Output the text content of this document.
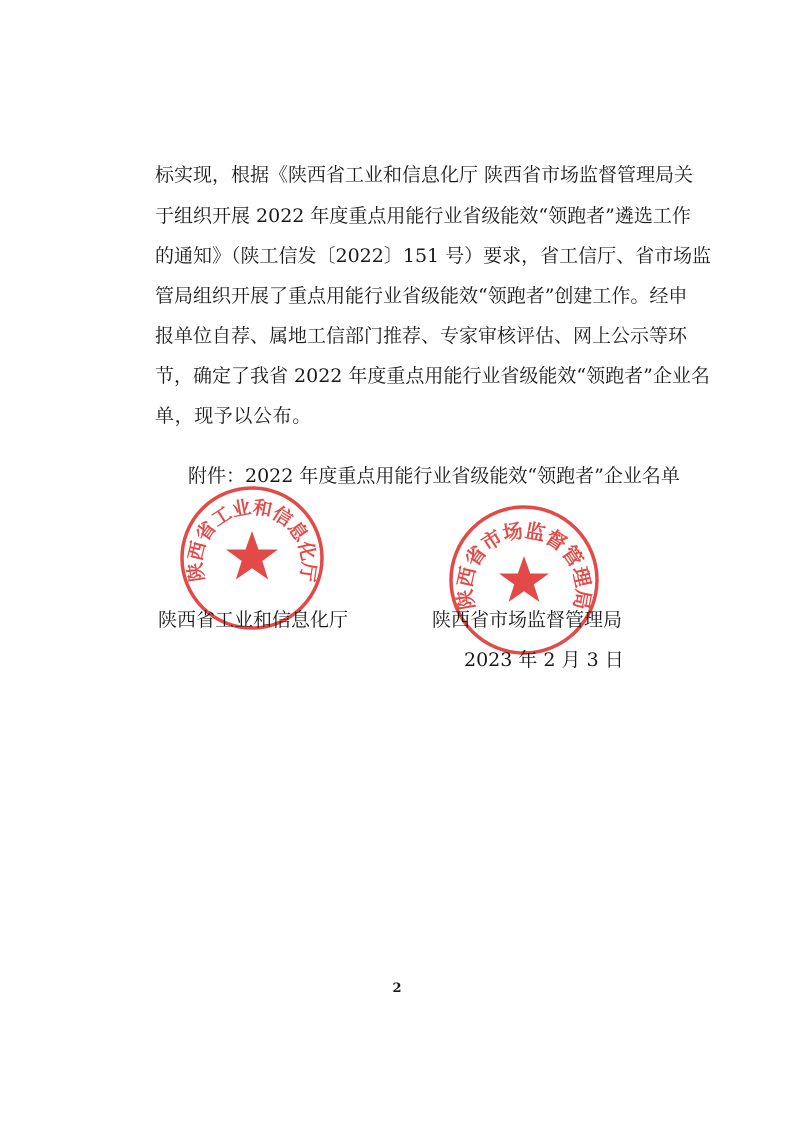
标实现，根据《陕西省工业和信息化厅 陕西省市场监督管理局关
于组织开展 2022 年度重点用能行业省级能效“领跑者”遴选工作
的通知》（陕工信发〔2022〕151 号）要求，省工信厅、省市场监
管局组织开展了重点用能行业省级能效“领跑者”创建工作。经申
报单位自荐、属地工信部门推荐、专家审核评估、网上公示等环
节，确定了我省 2022 年度重点用能行业省级能效“领跑者”企业名
单，现予以公布。
附件：2022 年度重点用能行业省级能效“领跑者”企业名单
陕西省工业和信息化厅
陕西省市场监督管理局
陕西省工业和信息化厅	陕西省市场监督管理局
2023 年 2 月 3 日
2
